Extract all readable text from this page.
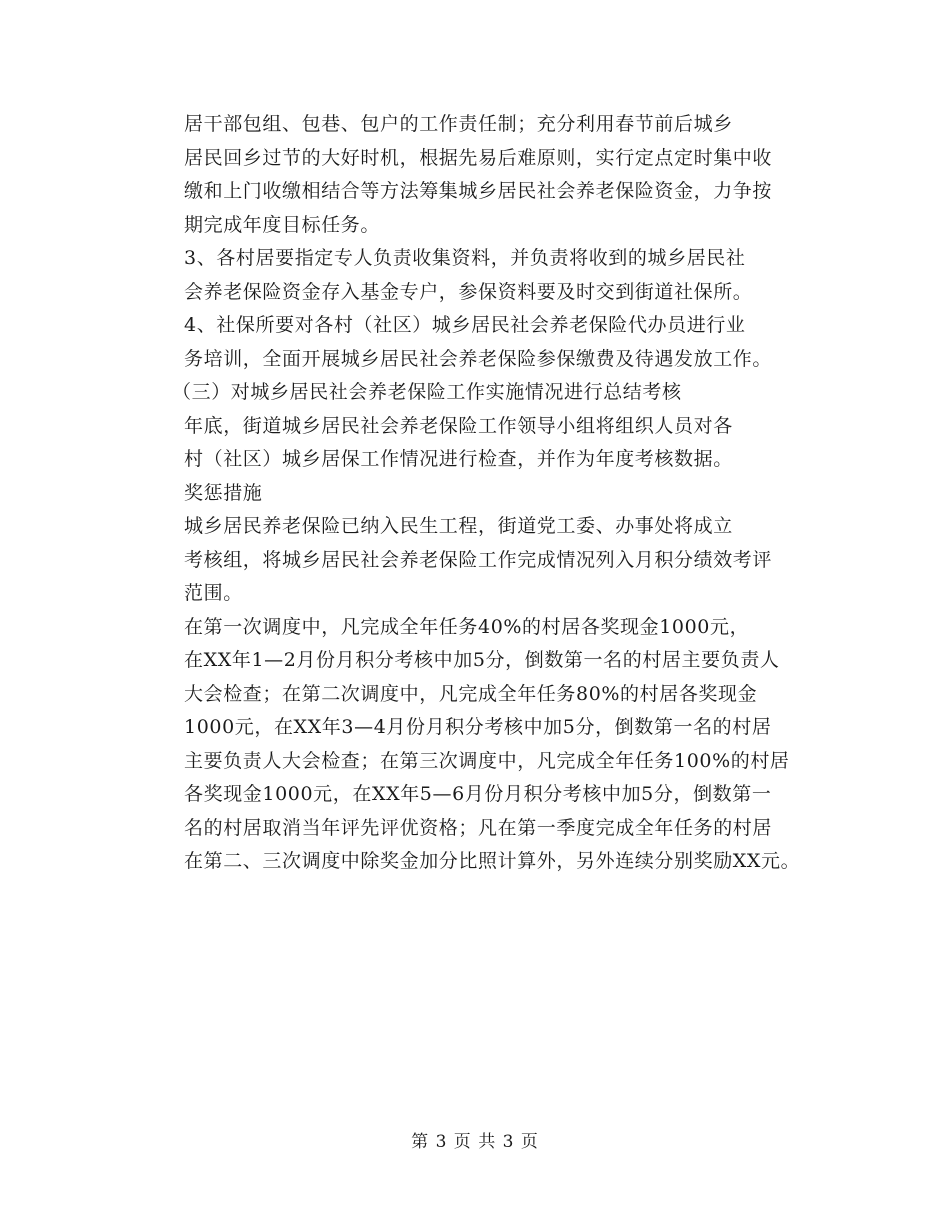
居干部包组、包巷、包户的工作责任制；充分利用春节前后城乡
居民回乡过节的大好时机，根据先易后难原则，实行定点定时集中收
缴和上门收缴相结合等方法筹集城乡居民社会养老保险资金，力争按
期完成年度目标任务。

3、各村居要指定专人负责收集资料，并负责将收到的城乡居民社
会养老保险资金存入基金专户，参保资料要及时交到街道社保所。

4、社保所要对各村（社区）城乡居民社会养老保险代办员进行业
务培训，全面开展城乡居民社会养老保险参保缴费及待遇发放工作。

（三）对城乡居民社会养老保险工作实施情况进行总结考核

年底，街道城乡居民社会养老保险工作领导小组将组织人员对各
村（社区）城乡居保工作情况进行检查，并作为年度考核数据。

奖惩措施

城乡居民养老保险已纳入民生工程，街道党工委、办事处将成立
考核组，将城乡居民社会养老保险工作完成情况列入月积分绩效考评
范围。

在第一次调度中，凡完成全年任务40%的村居各奖现金1000元，
在XX年1—2月份月积分考核中加5分，倒数第一名的村居主要负责人
大会检查；在第二次调度中，凡完成全年任务80%的村居各奖现金
1000元，在XX年3—4月份月积分考核中加5分，倒数第一名的村居
主要负责人大会检查；在第三次调度中，凡完成全年任务100%的村居
各奖现金1000元，在XX年5—6月份月积分考核中加5分，倒数第一
名的村居取消当年评先评优资格；凡在第一季度完成全年任务的村居
在第二、三次调度中除奖金加分比照计算外，另外连续分别奖励XX元。

第 3 页 共 3 页
